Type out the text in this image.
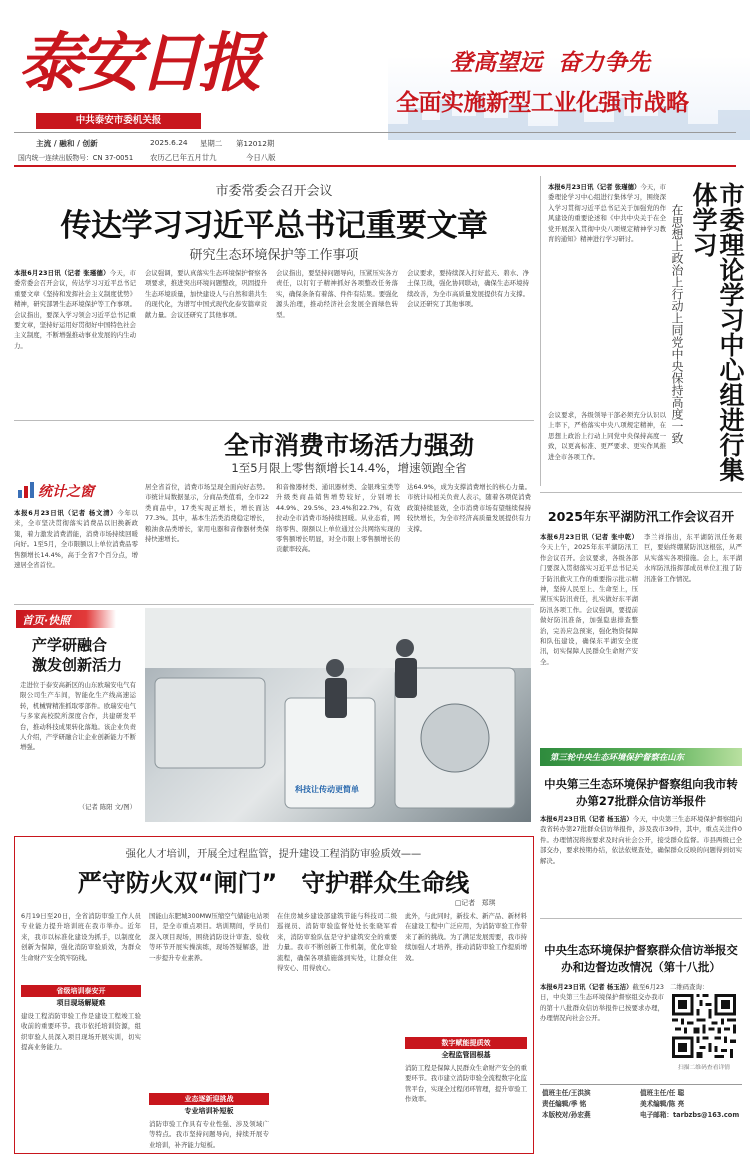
泰安日报
中共泰安市委机关报
登高望远  奋力争先
全面实施新型工业化强市战略
主流 / 融和 / 创新
国内统一连续出版物号：CN 37-0051
2025.6.24 星期二 第12012期
农历乙巳年五月廿九	今日八版
市委常委会召开会议
传达学习习近平总书记重要文章
研究生态环境保护等工作事项
本报6月23日讯（记者 张瑾德）今天，市委常委会召开会议，传达学习习近平总书记重要文章《坚持和发挥社会主义制度优势》精神，研究部署生态环境保护等工作事项。会议指出，要深入学习领会习近平总书记重要文章，坚持好运用好贯彻好中国特色社会主义制度，不断增强推动事业发展的内生动力。
会议强调，要认真落实生态环境保护督察各项要求，推进突出环境问题整改，巩固提升生态环境质量，加快建设人与自然和谐共生的现代化，为谱写中国式现代化泰安篇章贡献力量。会议还研究了其他事项。
会议指出，要坚持问题导向，压紧压实各方责任，以钉钉子精神抓好各项整改任务落实，确保条条有着落、件件有结果。要强化源头治理，推动经济社会发展全面绿色转型。
会议要求，要持续深入打好蓝天、碧水、净土保卫战，强化协同联动，确保生态环境持续改善，为全市高质量发展提供有力支撑。会议还研究了其他事项。	市委理论学习中心组进行集体学习
在思想上政治上行动上同党中央保持高度一致
本报6月23日讯（记者 张瑾德）今天，市委理论学习中心组进行集体学习，围绕深入学习贯彻习近平总书记关于加强党的作风建设的重要论述和《中共中央关于在全党开展深入贯彻中央八项规定精神学习教育的通知》精神进行学习研讨。
会议要求，各级领导干部必须充分认识以上率下，严格落实中央八项规定精神，在思想上政治上行动上同党中央保持高度一致，以更高标准、更严要求、更实作风推进全市各项工作。
全市消费市场活力强劲
1至5月限上零售额增长14.4%，增速领跑全省
统计之窗
本报6月23日讯（记者 杨文清）今年以来，全市坚决贯彻落实消费品以旧换新政策，着力激发消费潜能，消费市场持续回暖向好。1至5月，全市限额以上单位消费品零售额增长14.4%，高于全省7个百分点，增速居全省首位。
居全省首位，消费市场呈现全面向好态势。市统计局数据显示，分商品类值看，全市22类商品中，17类实现正增长，增长面达77.3%。其中，基本生活类消费稳定增长，粮油食品类增长，家用电器和音像器材类保持快速增长。
和音像器材类、通讯器材类、金银珠宝类等升级类商品销售增势较好，分别增长44.9%、29.5%、23.4%和22.7%，有效拉动全市消费市场持续回暖。从业态看，网络零售、限额以上单位通过公共网络实现的零售额增长明显，对全市限上零售额增长的贡献率较高。
达64.9%，成为支撑消费增长的核心力量。市统计局相关负责人表示，随着各项促消费政策持续显效，全市消费市场有望继续保持较快增长，为全市经济高质量发展提供有力支撑。
2025年东平湖防汛工作会议召开
本报6月23日讯（记者 张中乾）今天上午，2025年东平湖防汛工作会议召开。会议要求，各级各部门要深入贯彻落实习近平总书记关于防汛救灾工作的重要指示批示精神，坚持人民至上、生命至上，压紧压实防汛责任，扎实做好东平湖防汛各项工作。会议强调，要提前做好防汛准备，加强隐患排查整治，完善应急预案，强化物资保障和队伍建设，确保东平湖安全度汛，切实保障人民群众生命财产安全。
李兰祥指出，东平湖防汛任务艰巨，要始终绷紧防汛这根弦，从严从实落实各项措施。会上，东平湖水库防汛指挥部成员单位汇报了防汛准备工作情况。
首页·快照
产学研融合
激发创新活力
走进位于泰安高新区的山东欧瑞安电气有限公司生产车间，智能化生产线高速运转，机械臂精准抓取零部件。欧瑞安电气与多家高校院所深度合作，共建研发平台，推动科技成果转化落地。该企业负责人介绍，产学研融合让企业创新能力不断增强。
（记者 陈阳 文/图）
科技让传动更简单
第三轮中央生态环境保护督察在山东
中央第三生态环境保护督察组向我市转办第27批群众信访举报件
本报6月23日讯（记者 杨玉洁）今天，中央第三生态环境保护督察组向我省转办第27批群众信访举报件，涉及我市39件，其中，重点关注件0件。办理情况将按要求及时向社会公开，接受群众监督。市县两级已全部交办，要求按期办结，依法依规查处，确保群众反映的问题得到切实解决。
中央生态环境保护督察群众信访举报交办和边督边改情况（第十八批）
本报6月23日讯（记者 杨玉洁）截至6月23日，中央第三生态环境保护督察组交办我市的第十八批群众信访举报件已按要求办理，办理情况向社会公开。
二维码查询：
扫描二维码查看详情
值班主任/王洪滨
责任编辑/季 铭
本版校对/孙宏燕
值班主任/任 聪
美术编辑/陈 亮
电子邮箱：tarbzbs@163.com
强化人才培训，开展全过程监管，提升建设工程消防审验质效——
严守防火双“闸门”　守护群众生命线
□记者　郑琪
6月19日至20日，全省消防审验工作人员专业能力提升培训班在我市举办。近年来，我市以标准化建设为抓手，以制度化创新为保障，强化消防审验质效，为群众生命财产安全筑牢防线。
省级培训泰安开
项目现场解疑难
建设工程消防审验工作是建设工程竣工验收前的重要环节。我市依托培训资源，组织审验人员深入项目现场开展实训，切实提高业务能力。
国能山东肥城300MW压缩空气储能电站项目，是全市重点项目。培训期间，学员们深入项目现场，围绕消防设计审查、验收等环节开展实操演练，现场答疑解惑，进一步提升专业素养。
业态逐新迎挑战
专业培训补短板
消防审验工作具有专业性强、涉及领域广等特点。我市坚持问题导向，持续开展专业培训，补齐能力短板。
在住房城乡建设部建筑节能与科技司二级巡视员、消防审验监督处处长张晓军看来，消防审验队伍是守护建筑安全的重要力量。我市不断创新工作机制，优化审验流程，确保各项措施落到实处，让群众住得安心、用得放心。
此外，与此同时，新技术、新产品、新材料在建设工程中广泛应用，为消防审验工作带来了新的挑战。为了满足发展需要，我市持续加强人才培养，推动消防审验工作提质增效。
数字赋能提质效
全程监管固根基
消防工程是保障人民群众生命财产安全的重要环节。我市建立消防审验全流程数字化监管平台，实现全过程闭环管理，提升审验工作效率。
